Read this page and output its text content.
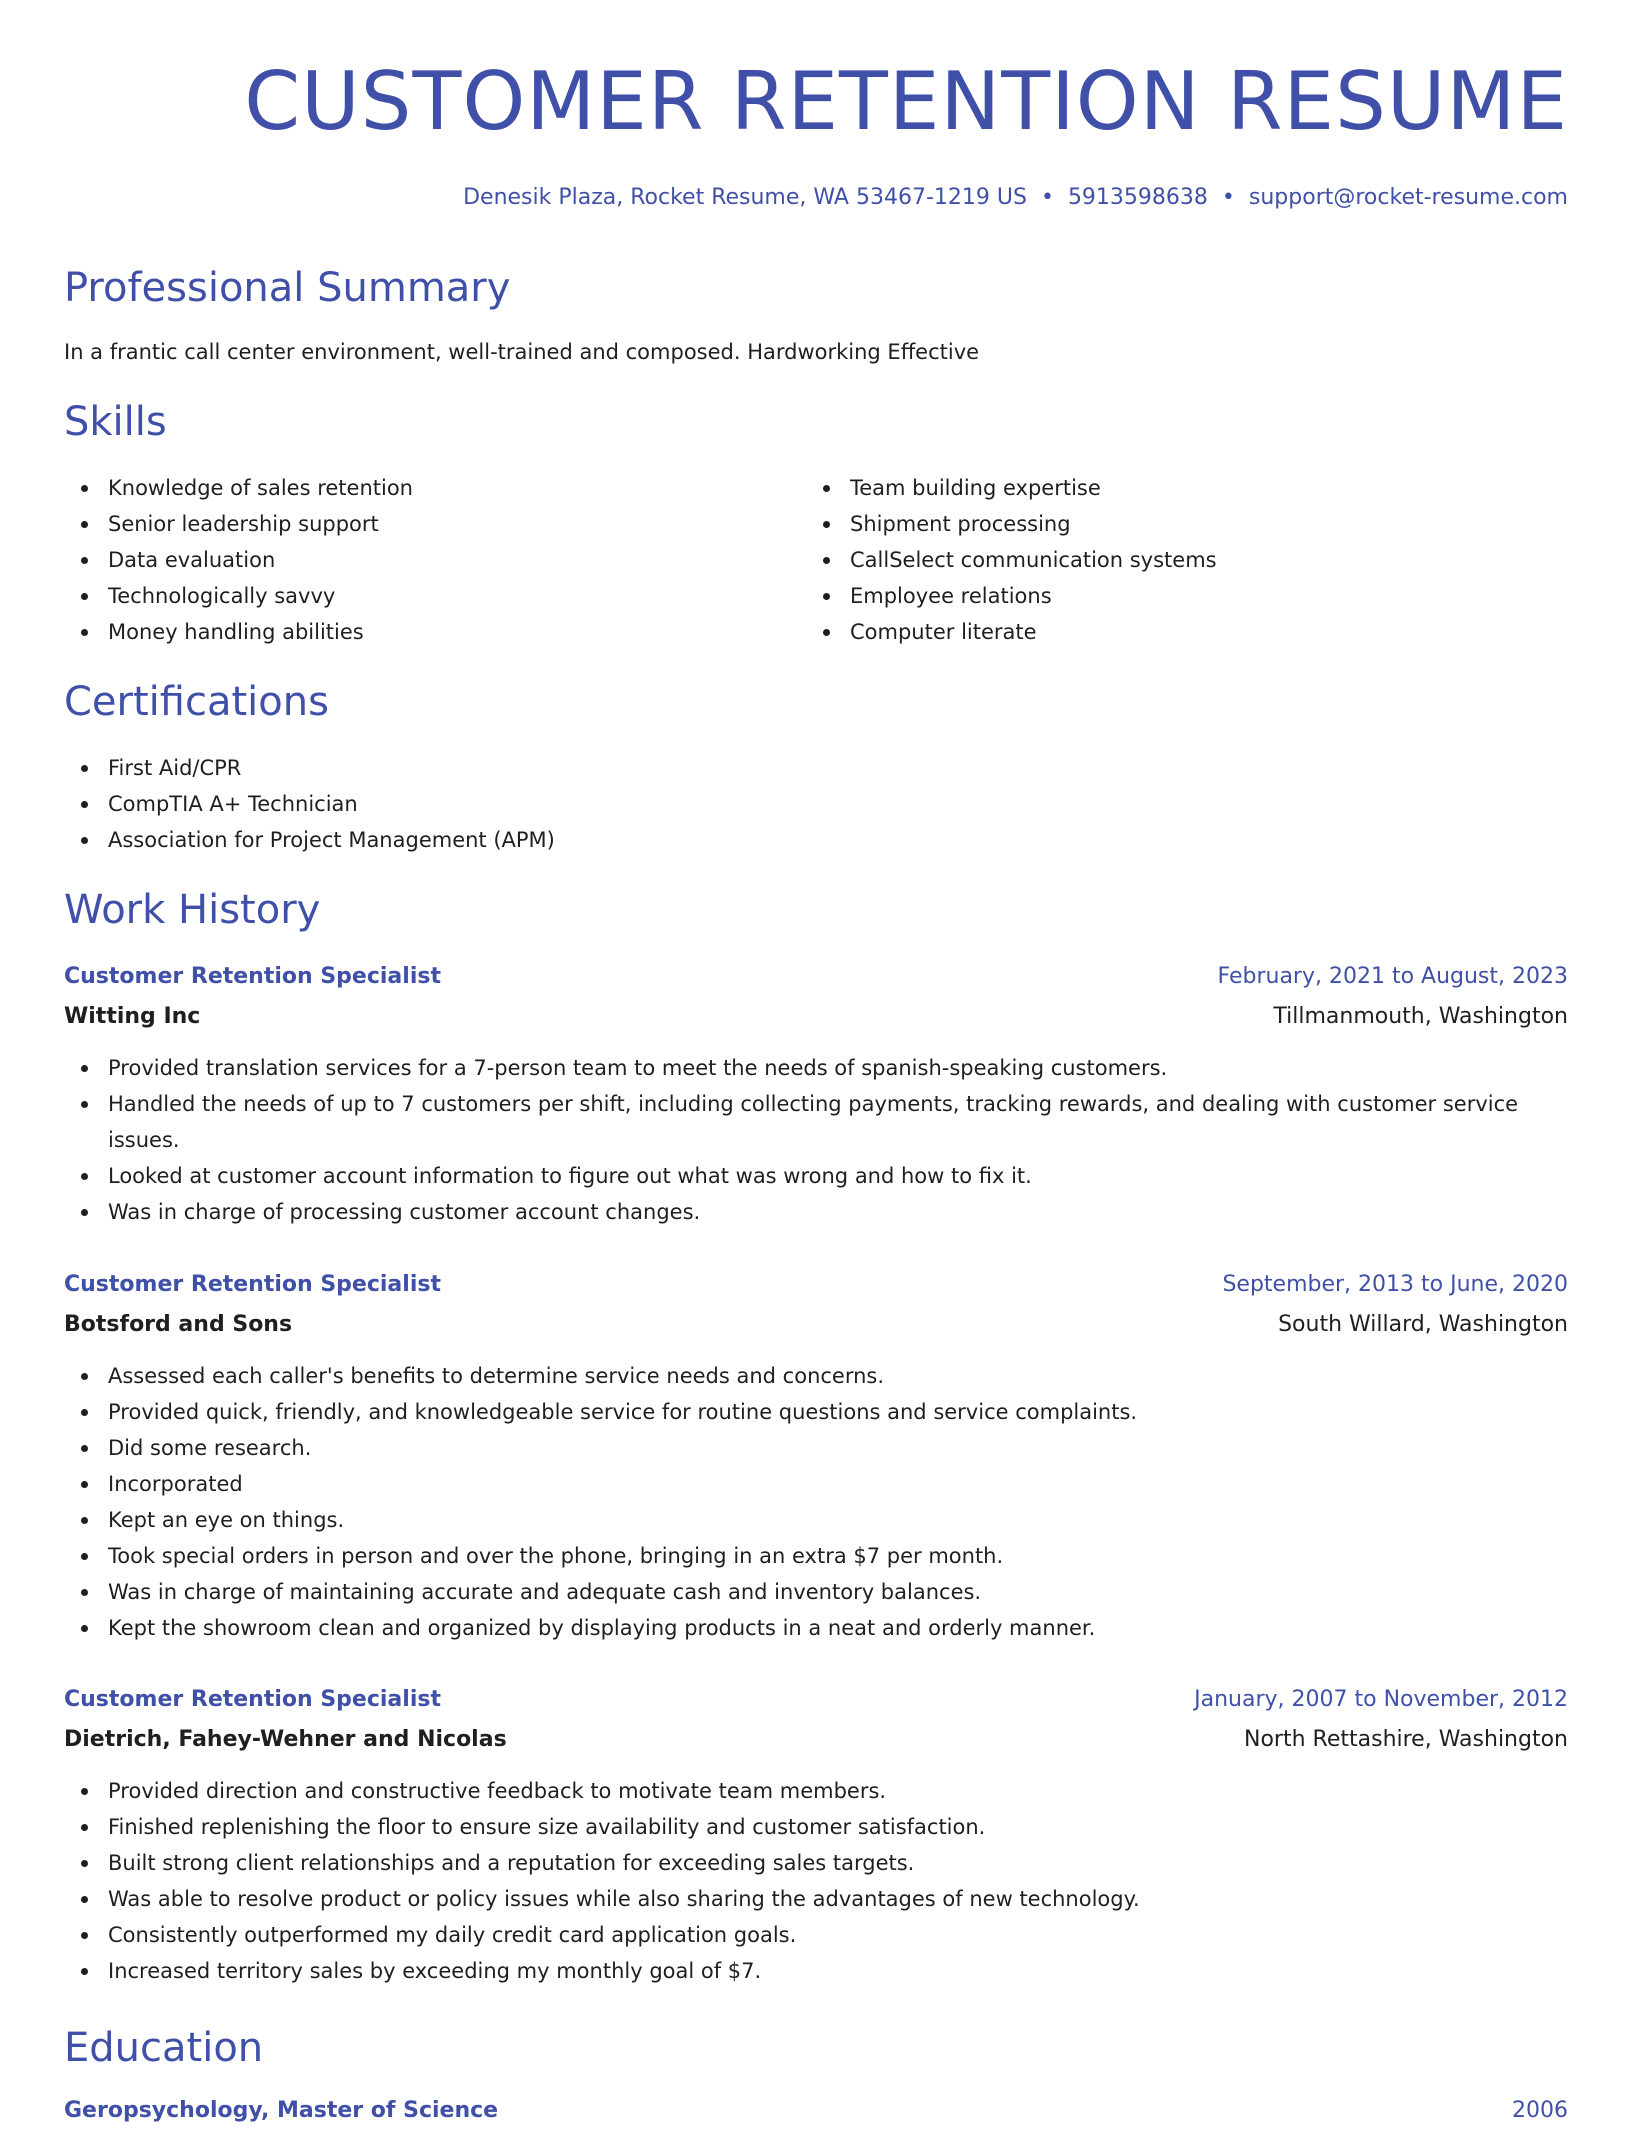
CUSTOMER RETENTION RESUME
Denesik Plaza, Rocket Resume, WA 53467-1219 US • 5913598638 • support@rocket-resume.com
Professional Summary
In a frantic call center environment, well-trained and composed. Hardworking Effective
Skills
Knowledge of sales retention
Senior leadership support
Data evaluation
Technologically savvy
Money handling abilities
Team building expertise
Shipment processing
CallSelect communication systems
Employee relations
Computer literate
Certifications
First Aid/CPR
CompTIA A+ Technician
Association for Project Management (APM)
Work History
Customer Retention Specialist	February, 2021 to August, 2023
Witting Inc	Tillmanmouth, Washington
Provided translation services for a 7-person team to meet the needs of spanish-speaking customers.
Handled the needs of up to 7 customers per shift, including collecting payments, tracking rewards, and dealing with customer service issues.
Looked at customer account information to figure out what was wrong and how to fix it.
Was in charge of processing customer account changes.
Customer Retention Specialist	September, 2013 to June, 2020
Botsford and Sons	South Willard, Washington
Assessed each caller's benefits to determine service needs and concerns.
Provided quick, friendly, and knowledgeable service for routine questions and service complaints.
Did some research.
Incorporated
Kept an eye on things.
Took special orders in person and over the phone, bringing in an extra $7 per month.
Was in charge of maintaining accurate and adequate cash and inventory balances.
Kept the showroom clean and organized by displaying products in a neat and orderly manner.
Customer Retention Specialist	January, 2007 to November, 2012
Dietrich, Fahey-Wehner and Nicolas	North Rettashire, Washington
Provided direction and constructive feedback to motivate team members.
Finished replenishing the floor to ensure size availability and customer satisfaction.
Built strong client relationships and a reputation for exceeding sales targets.
Was able to resolve product or policy issues while also sharing the advantages of new technology.
Consistently outperformed my daily credit card application goals.
Increased territory sales by exceeding my monthly goal of $7.
Education
Geropsychology, Master of Science	2006
